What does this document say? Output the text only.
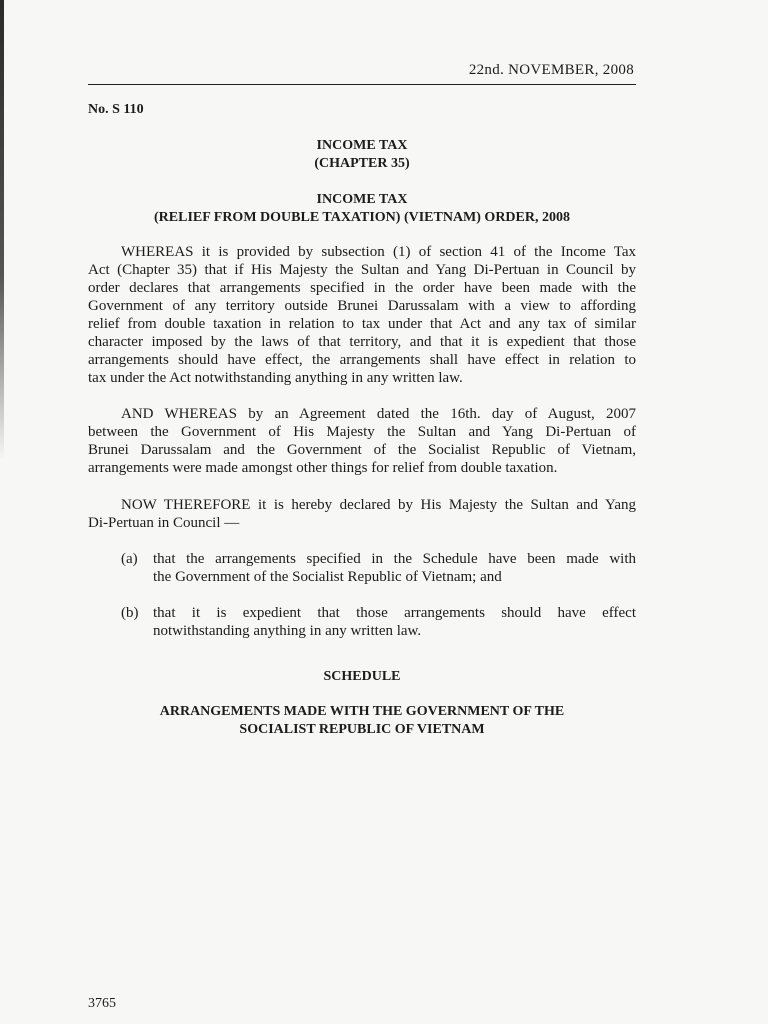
22nd. NOVEMBER, 2008
No. S 110
INCOME TAX
(CHAPTER 35)
INCOME TAX
(RELIEF FROM DOUBLE TAXATION) (VIETNAM) ORDER, 2008
WHEREAS it is provided by subsection (1) of section 41 of the Income Tax
Act (Chapter 35) that if His Majesty the Sultan and Yang Di-Pertuan in Council by
order declares that arrangements specified in the order have been made with the
Government of any territory outside Brunei Darussalam with a view to affording
relief from double taxation in relation to tax under that Act and any tax of similar
character imposed by the laws of that territory, and that it is expedient that those
arrangements should have effect, the arrangements shall have effect in relation to
tax under the Act notwithstanding anything in any written law.
AND WHEREAS by an Agreement dated the 16th. day of August, 2007
between the Government of His Majesty the Sultan and Yang Di-Pertuan of
Brunei Darussalam and the Government of the Socialist Republic of Vietnam,
arrangements were made amongst other things for relief from double taxation.
NOW THEREFORE it is hereby declared by His Majesty the Sultan and Yang
Di-Pertuan in Council —
(a) that the arrangements specified in the Schedule have been made with
the Government of the Socialist Republic of Vietnam; and
(b) that it is expedient that those arrangements should have effect
notwithstanding anything in any written law.
SCHEDULE
ARRANGEMENTS MADE WITH THE GOVERNMENT OF THE
SOCIALIST REPUBLIC OF VIETNAM
3765
